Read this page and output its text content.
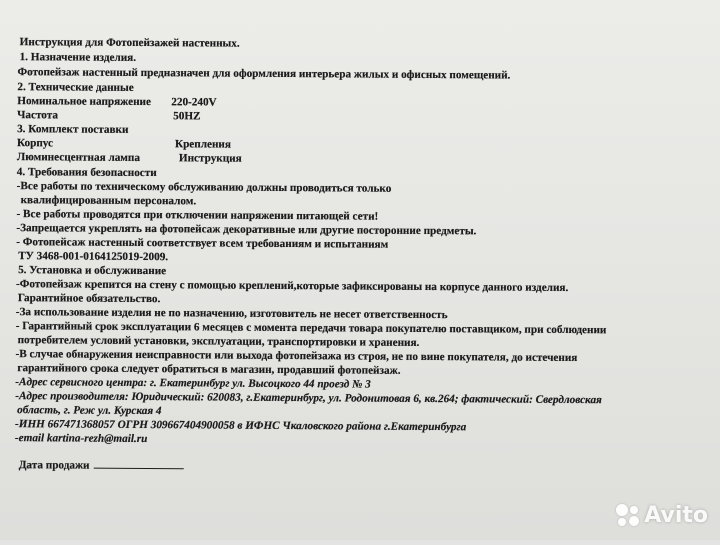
Инструкция для Фотопейзажей настенных.
1. Назначение изделия.
Фотопейзаж настенный предназначен для оформления интерьера жилых и офисных помещений.
2. Технические данные
Номинальное напряжение 220-240V
Частота	50HZ
3. Комплект поставки
Корпус	Крепления
Люминесцентная лампа	Инструкция
4. Требования безопасности
-Все работы по техническому обслуживанию должны проводиться только
квалифицированным персоналом.
- Все работы проводятся при отключении напряжении питающей сети!
-Запрещается укреплять на фотопейсаж декоративные или другие посторонние предметы.
- Фотопейсаж настенный соответствует всем требованиям и испытаниям
ТУ 3468-001-0164125019-2009.
5. Установка и обслуживание
-Фотопейзаж крепится на стену с помощью креплений,которые зафиксированы на корпусе данного изделия.
Гарантийное обязательство.
-За использование изделия не по назначению, изготовитель не несет ответственность
- Гарантийный срок эксплуатации 6 месяцев с момента передачи товара покупателю поставщиком, при соблюдении
потребителем условий установки, эксплуатации, транспортировки и хранения.
-В случае обнаружения неисправности или выхода фотопейзажа из строя, не по вине покупателя, до истечения
гарантийного срока следует обратиться в магазин, продавший фотопейзаж.
-Адрес сервисного центра: г. Екатеринбург ул. Высоцкого 44 проезд № 3
-Адрес производителя: Юридический: 620083, г.Екатеринбург, ул. Родонитовая 6, кв.264; фактический: Свердловская
область, г. Реж ул. Курская 4
-ИНН 667471368057 ОГРН 309667404900058 в ИФНС Чкаловского района г.Екатеринбурга
-email kartina-rezh@mail.ru
Дата продажи
Avito
